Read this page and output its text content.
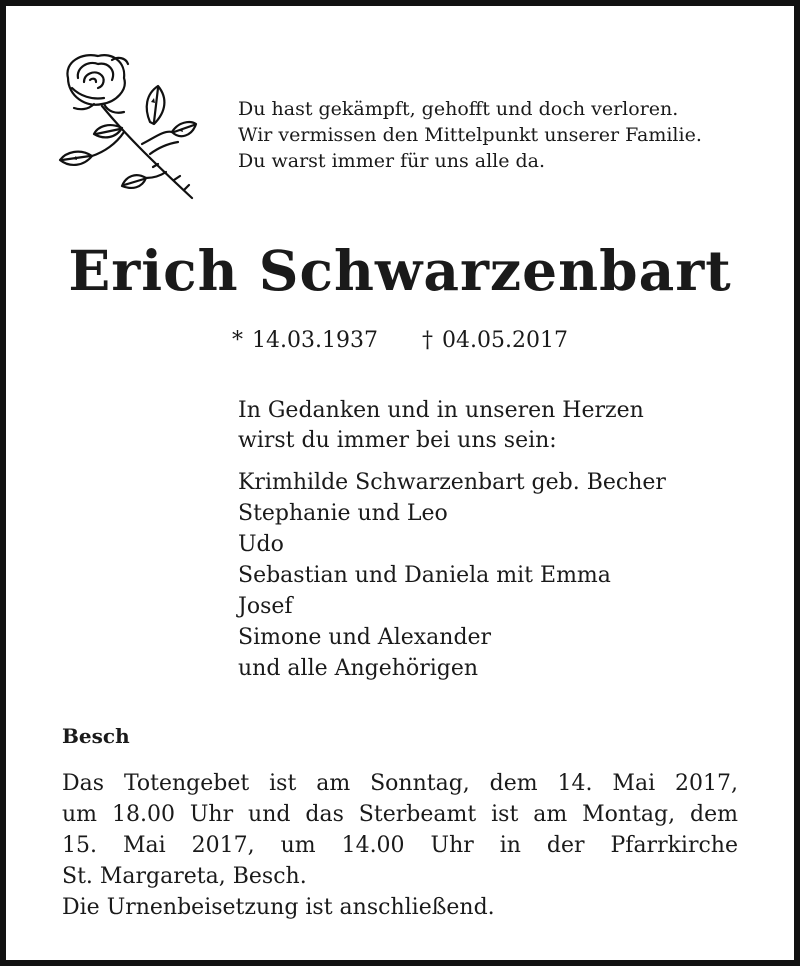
Du hast gekämpft, gehofft und doch verloren.
Wir vermissen den Mittelpunkt unserer Familie.
Du warst immer für uns alle da.
Erich Schwarzenbart
* 14.03.1937 † 04.05.2017
In Gedanken und in unseren Herzen
wirst du immer bei uns sein:
Krimhilde Schwarzenbart geb. Becher
Stephanie und Leo
Udo
Sebastian und Daniela mit Emma
Josef
Simone und Alexander
und alle Angehörigen
Besch
Das Totengebet ist am Sonntag, dem 14. Mai 2017,
um 18.00 Uhr und das Sterbeamt ist am Montag, dem
15. Mai 2017, um 14.00 Uhr in der Pfarrkirche
St. Margareta, Besch.
Die Urnenbeisetzung ist anschließend.
